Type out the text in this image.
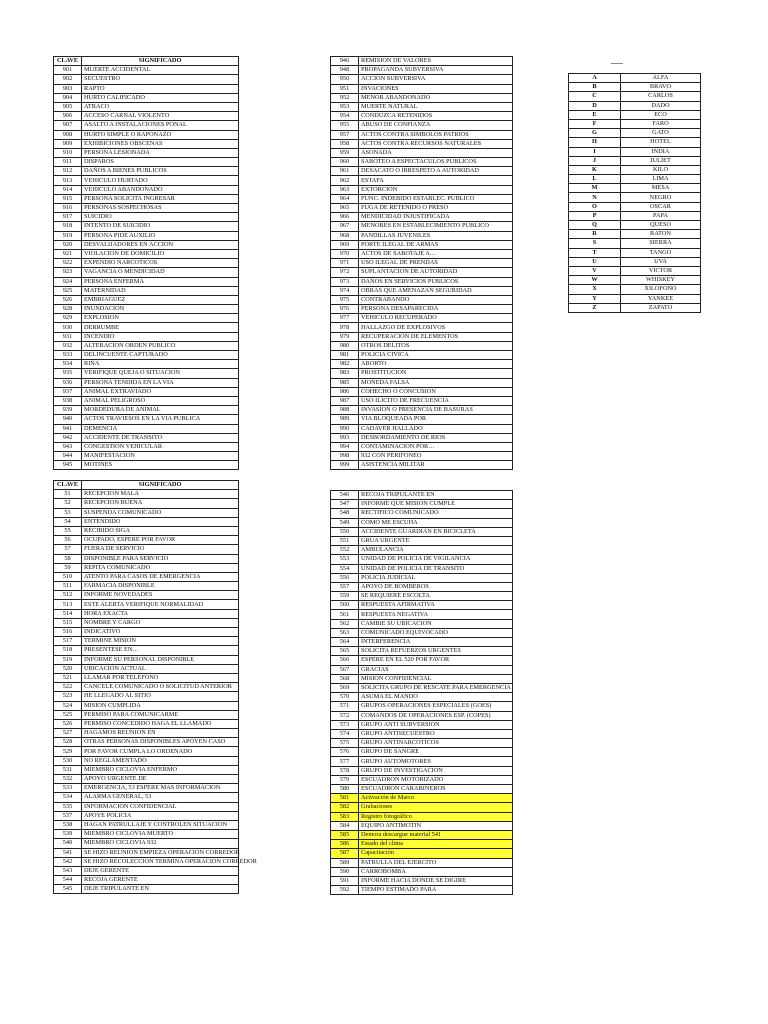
CLAVE	SIGNIFICADO
901	MUERTE ACCIDENTAL
902	SECUESTRO
903	RAPTO
904	HURTO CALIFICADO
905	ATRACO
906	ACCESO CARNAL VIOLENTO
907	ASALTO A INSTALACIONES PONAL
908	HURTO SIMPLE O RAPONAZO
909	EXHIBICIONES OBSCENAS
910	PERSONA LESIONADA
911	DISPAROS
912	DAÑOS A BIENES PUBLICOS
913	VEHICULO HURTADO
914	VEHICULO ABANDONADO
915	PERSONA SOLICITA INGRESAR
916	PERSONAS SOSPECHOSAS
917	SUICIDIO
918	INTENTO DE SUICIDIO
919	PERSONA PIDE AUXILIO
920	DESVALIJADORES EN ACCION
921	VIOLACION DE DOMICILIO
922	EXPENDIO NARCOTICOS
923	VAGANCIA O MENDICIDAD
924	PERSONA ENFERMA
925	MATERNIDAD
926	EMBRIAGUEZ
928	INUNDACION
929	EXPLOSION
930	DERRUMBE
931	INCENDIO
932	ALTERACION ORDEN PUBLICO
933	DELINCUENTE CAPTURADO
934	RIÑA
935	VERIFIQUE QUEJA O SITUACION
936	PERSONA TENDIDA EN LA VIA
937	ANIMAL EXTRAVIADO
938	ANIMAL PELIGROSO
939	MORDEDURA DE ANIMAL
940	ACTOS TRAVIESOS EN LA VIA PUBLICA
941	DEMENCIA
942	ACCIDENTE DE TRANSITO
943	CONGESTION VEHICULAR
944	MANIFESTACION
945	MOTINES
946	REMISION DE VALORES
948	PROPAGANDA SUBVERSIVA
950	ACCION SUBVERSIVA
951	INVACIONES
952	MENOR ABANDONADO
953	MUERTE NATURAL
954	CONDUZCA RETENIDOS
955	ABUSO DE CONFIANZA
957	ACTOS CONTRA SIMBOLOS PATRIOS
958	ACTOS CONTRA RECURSOS NATURALES
959	ASONADA
960	SABOTEO A ESPECTACULOS PUBLICOS
961	DESACATO O IRRESPETO A AUTORIDAD
962	ESTAFA
963	EXTORCION
964	FUNC. INDEBIDO ESTABLEC. PUBLICO
965	FUGA DE RETENIDO O PRESO
966	MENDICIDAD INJUSTIFICADA
967	MENORES EN ESTABLECIMIENTO PUBLICO
968	PANDILLAS JUVENILES
969	PORTE ILEGAL DE ARMAS
970	ACTOS DE SABOTAJE A…
971	USO ILEGAL DE PRENDAS
972	SUPLANTACION DE AUTORIDAD
973	DAÑOS EN SERVICIOS PUBLICOS
974	OBRAS QUE AMENAZAN SEGURIDAD
975	CONTRABANDO
976	PERSONA DESAPARECIDA
977	VEHICULO RECUPERADO
978	HALLAZGO DE EXPLOSIVOS
979	RECUPERACION DE ELEMENTOS
980	OTROS DELITOS
981	POLICIA CIVICA
982	ABORTO
983	PROSTITUCION
985	MONEDA FALSA
986	COHECHO O CONCUSION
987	USO ILICITO DE FRECUENCIA
988	INVASION O PRESENCIA DE BASURAS
989	VIA BLOQUEADA POR
990	CADAVER HALLADO
993	DESBORDAMIENTO DE RIOS
994	CONTAMINACION POR…
998	932 CON PERIFONEO
999	ASISTENCIA MILITAR
CLAVE	SIGNIFICADO
51	RECEPCION MALA
52	RECEPCION BUENA
53	SUSPENDA COMUNICADO
54	ENTENDIDO
55	RECIBIDO SIGA
56	OCUPADO, ESPERE POR FAVOR
57	FUERA DE SERVICIO
58	DISPONIBLE PARA SERVICIO
59	REPITA COMUNICADO
510	ATENTO PARA CASOS DE EMERGENCIA
511	FARMACIA DISPONIBLE
512	INFORME NOVEDADES
513	ESTE ALERTA VERIFIQUE NORMALIDAD
514	HORA EXACTA
515	NOMBRE Y CARGO
516	INDICATIVO
517	TERMINE MISION
518	PRESENTESE EN…
519	INFORME SU PERSONAL DISPONIBLE
520	UBICACIÓN ACTUAL
521	LLAMAR POR TELÉFONO
522	CANCELE COMUNICADO O SOLICITUD ANTERIOR
523	HE LLEGADO AL SITIO
524	MISION CUMPLIDA
525	PERMISO PARA COMUNICARME
526	PERMISO CONCEDIDO HAGA EL LLAMADO
527	HAGAMOS REUNION EN
528	OTRAS PERSONAS DISPONIBLES APOYEN CASO
529	POR FAVOR CUMPLA LO ORDENADO
530	NO REGLAMENTADO
531	MIEMBRO CICLOVIA ENFERMO
532	APOYO URGENTE DE
533	EMERGENCIA, 53 ESPERE MAS INFORMACION
534	ALARMA GENERAL, 53
535	INFORMACION CONFIDENCIAL
537	APOYE POLICIA
538	HAGAN PATRULLAJE Y CONTROLEN SITUACION
539	MIEMBRO CICLOVIA MUERTO
540	MIEMBRO CICLOVIA 932
541	SE HIZO REUNION EMPIEZA OPERACIÓN CORREDOR
542	SE HIZO RECOLECCION TERMINA OPERACIÓN CORREDOR
543	DEJE GERENTE
544	RECOJA GERENTE
545	DEJE TRIPULANTE EN
546	RECOJA TRIPULANTE EN
547	INFORME QUE MISION CUMPLE
548	RECTIFICO COMUNICADO
549	COMO ME ESCUHA
550	ACCIDENTE GUARDIAN EN BICICLETA
551	GRUA URGENTE
552	AMBULANCIA
553	UNIDAD DE POLICIA DE VIGILANCIA
554	UNIDAD DE POLICIA DE TRANSITO
556	POLICIA JUDICIAL
557	APOYO DE BOMBEROS
559	SE REQUIERE ESCOLTA
560	RESPUESTA AFIRMATIVA
561	RESPUESTA NEGATIVA
562	CAMBIE SU UBICACION
563	COMUNICADO EQUIVOCADO
564	INTERFERENCIA
565	SOLICITA REFUERZOS URGENTES
566	ESPERE EN EL 520 POR FAVOR
567	GRACIAS
568	MISION CONFIDENCIAL
569	SOLICITA GRUPO DE RESCATE PARA EMERGENCIA
570	ASUMA EL MANDO
571	GRUPOS OPERACIONES ESPECIALES (GOES)
572	COMANDOS DE OPERACIONES ESP. (COPES)
573	GRUPO ANTI SUBVERSION
574	GRUPO ANTISECUESTRO
575	GRUPO ANTINARCOTICOS
576	GRUPO DE SANGRE
577	GRUPO AUTOMOTORES
578	GRUPO DE INVESTIGACION
579	ESCUADRON MOTORIZADO
580	ESCUADRON CARABINEROS
581	Activación de Marco
582	Grabaciones
583	Registro fotográfico
584	EQUIPO ANTIMOTIN
585	Demora descargue material 541
586	Estado del clima
587	Capacitación
589	PATRULLA DEL EJERCITO
590	CARROBOMBA
591	INFORME HACIA DONDE SE DIGIRE
592	TIEMPO ESTIMADO PARA
A	ALFA
B	BRAVO
C	CARLOS
D	DADO
E	ECO
F	FARO
G	GATO
H	HOTEL
I	INDIA
J	JULIET
K	KILO
L	LIMA
M	MESA
N	NEGRO
O	OSCAR
P	PAPA
Q	QUESO
R	RATON
S	SIERRA
T	TANGO
U	UVA
V	VICTOR
W	WHISKEY
X	XILOFONO
Y	YANKEE
Z	ZAPATO
